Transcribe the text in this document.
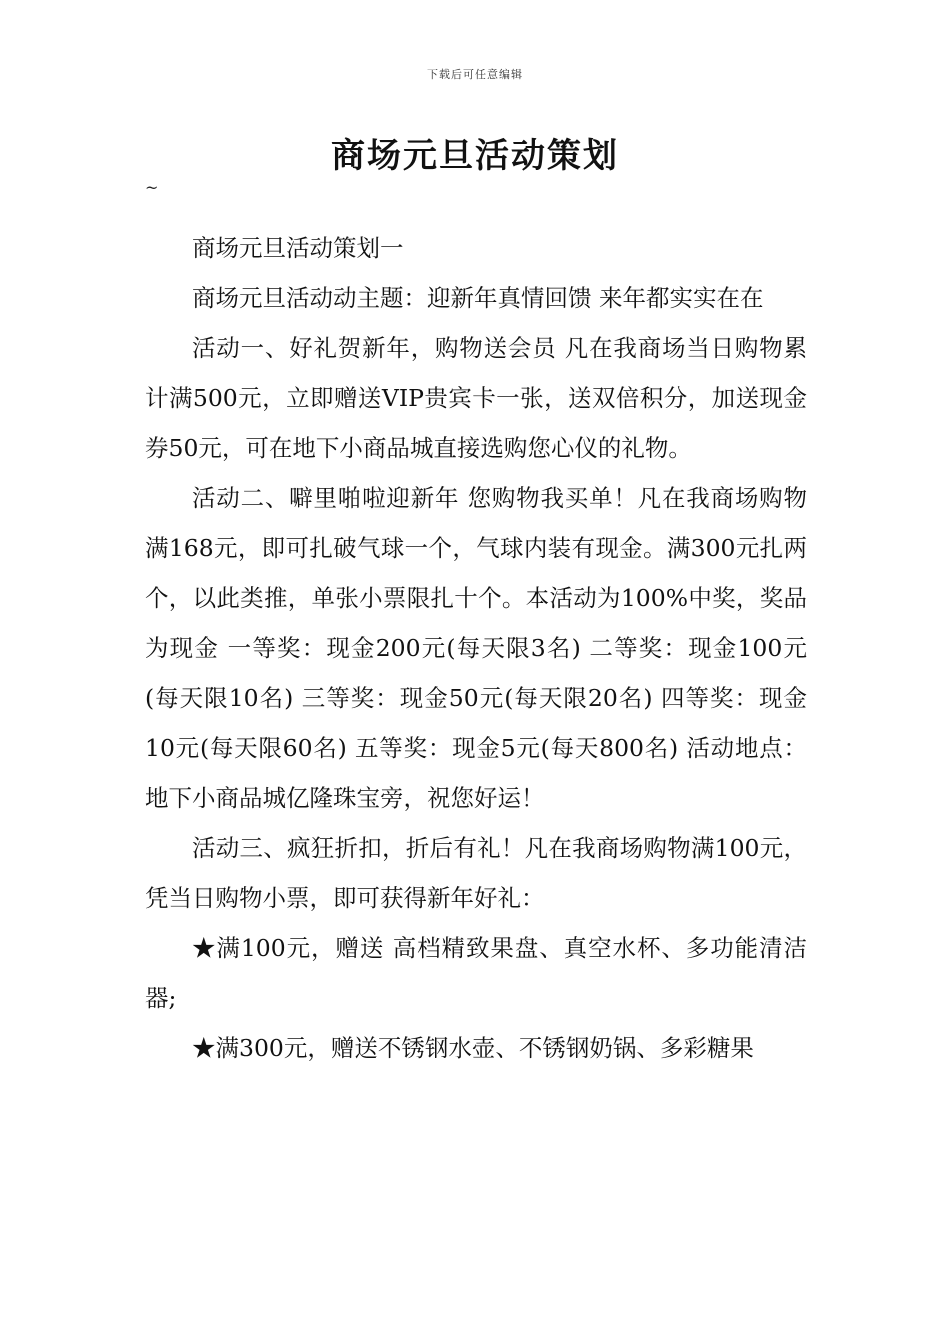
下载后可任意编辑
商场元旦活动策划
~

商场元旦活动策划一

商场元旦活动动主题：迎新年真情回馈 来年都实实在在

活动一、好礼贺新年，购物送会员 凡在我商场当日购物累计满500元，立即赠送VIP贵宾卡一张，送双倍积分，加送现金券50元，可在地下小商品城直接选购您心仪的礼物。

活动二、噼里啪啦迎新年 您购物我买单！凡在我商场购物满168元，即可扎破气球一个，气球内装有现金。满300元扎两个，以此类推，单张小票限扎十个。本活动为100%中奖，奖品为现金 一等奖：现金200元(每天限3名) 二等奖：现金100元(每天限10名) 三等奖：现金50元(每天限20名) 四等奖：现金10元(每天限60名) 五等奖：现金5元(每天800名) 活动地点：地下小商品城亿隆珠宝旁，祝您好运！

活动三、疯狂折扣，折后有礼！凡在我商场购物满100元，凭当日购物小票，即可获得新年好礼：

★满100元，赠送 高档精致果盘、真空水杯、多功能清洁器;

★满300元，赠送不锈钢水壶、不锈钢奶锅、多彩糖果
